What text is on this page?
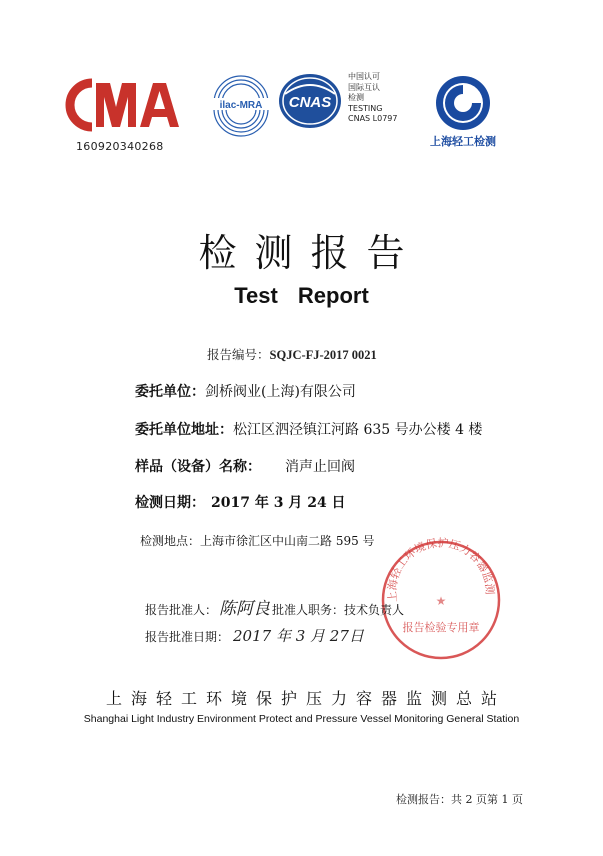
160920340268
ilac-MRA CNAS
中国认可
国际互认
检测
TESTING
CNAS L0797
上海轻工检测
检测报告
Test Report
报告编号：SQJC-FJ-2017 0021
委托单位：剑桥阀业(上海)有限公司
委托单位地址：松江区泗泾镇江河路 635 号办公楼 4 楼
样品（设备）名称： 消声止回阀
检测日期： 2017 年 3 月 24 日
检测地点：上海市徐汇区中山南二路 595 号
上海轻工环境保护压力容器监测
★
报告检验专用章
报告批准人： 陈阿良 批准人职务：技术负责人
报告批准日期： 2017 年 3 月 27日
上海轻工环境保护压力容器监测总站
Shanghai Light Industry Environment Protect and Pressure Vessel Monitoring General Station
检测报告：共 2 页第 1 页
